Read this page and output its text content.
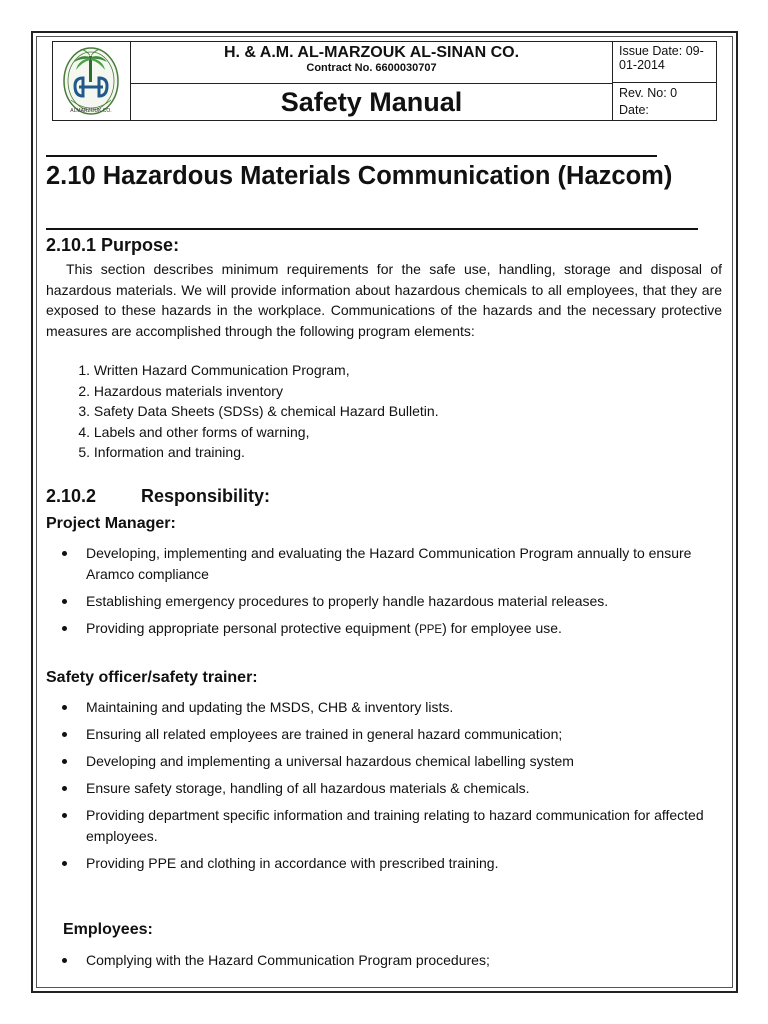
ALMARZOUK CO.
H. & A.M. AL-MARZOUK AL-SINAN CO.
Contract No. 6600030707
Safety Manual
Issue Date: 09-01-2014
Rev. No: 0
Date:
2.10 Hazardous Materials Communication (Hazcom)
2.10.1 Purpose:

This section describes minimum requirements for the safe use, handling, storage and disposal of hazardous materials. We will provide information about hazardous chemicals to all employees, that they are exposed to these hazards in the workplace. Communications of the hazards and the necessary protective measures are accomplished through the following program elements:

1. Written Hazard Communication Program,
2. Hazardous materials inventory
3. Safety Data Sheets (SDSs) & chemical Hazard Bulletin.
4. Labels and other forms of warning,
5. Information and training.
2.10.2 Responsibility:
Project Manager:
Developing, implementing and evaluating the Hazard Communication Program annually to ensure Aramco compliance
Establishing emergency procedures to properly handle hazardous material releases.
Providing appropriate personal protective equipment (PPE) for employee use.
Safety officer/safety trainer:
Maintaining and updating the MSDS, CHB & inventory lists.
Ensuring all related employees are trained in general hazard communication;
Developing and implementing a universal hazardous chemical labelling system
Ensure safety storage, handling of all hazardous materials & chemicals.
Providing department specific information and training relating to hazard communication for affected employees.
Providing PPE and clothing in accordance with prescribed training.
Employees:
Complying with the Hazard Communication Program procedures;
